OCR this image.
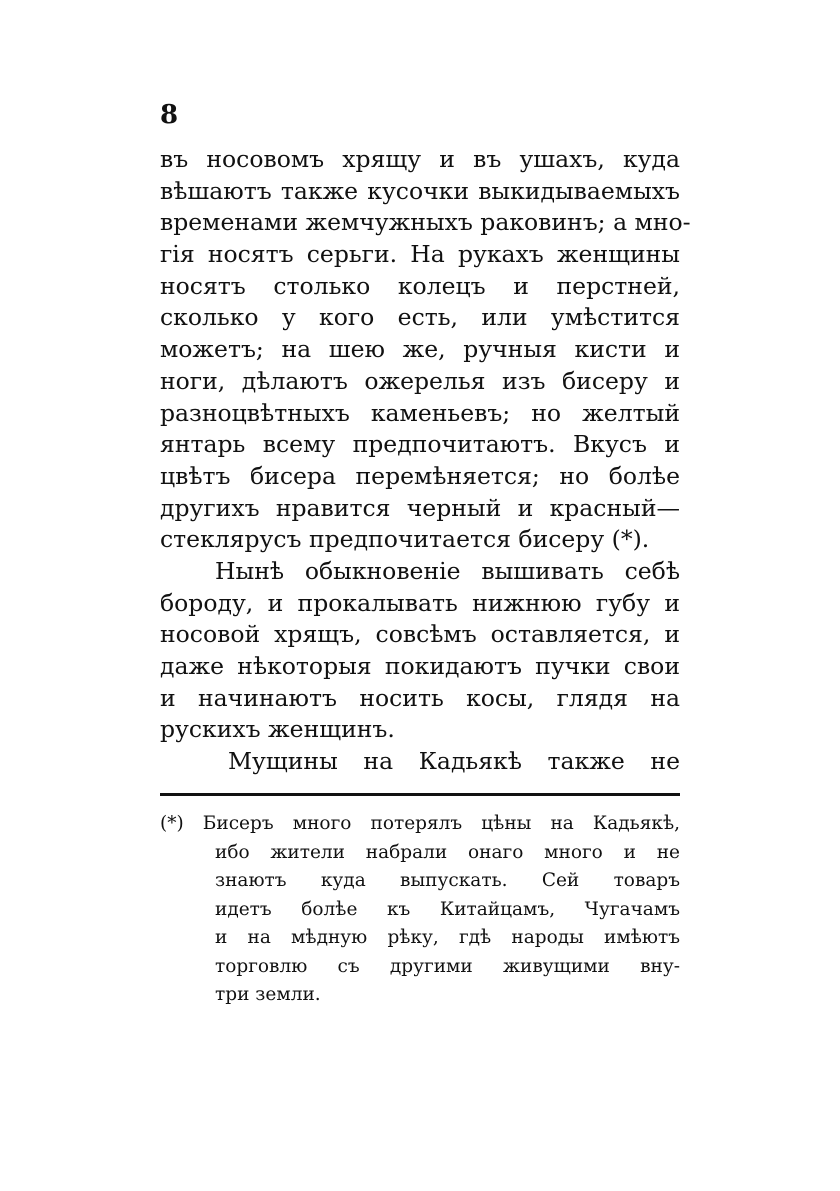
8
въ носовомъ хрящу и въ ушахъ, куда
вѣшаютъ также кусочки выкидываемыхъ
временами жемчужныхъ раковинъ; а мно-
гія носятъ серьги. На рукахъ женщины
носятъ столько колецъ и перстней,
сколько у кого есть, или умѣстится
можетъ; на шею же, ручныя кисти и
ноги, дѣлаютъ ожерелья изъ бисеру и
разноцвѣтныхъ каменьевъ; но желтый
янтарь всему предпочитаютъ. Вкусъ и
цвѣтъ бисера перемѣняется; но болѣе
другихъ нравится черный и красный—
стеклярусъ предпочитается бисеру (*).
Нынѣ обыкновеніе вышивать себѣ
бороду, и прокалывать нижнюю губу и
носовой хрящъ, совсѣмъ оставляется, и
даже нѣкоторыя покидаютъ пучки свои
и начинаютъ носить косы, глядя на
рускихъ женщинъ.
Мущины на Кадьякѣ также не
(*) Бисеръ много потерялъ цѣны на Кадьякѣ,
ибо жители набрали онаго много и не
знаютъ куда выпускать. Сей товаръ
идетъ болѣе къ Китайцамъ, Чугачамъ
и на мѣдную рѣку, гдѣ народы имѣютъ
торговлю съ другими живущими вну-
три земли.
